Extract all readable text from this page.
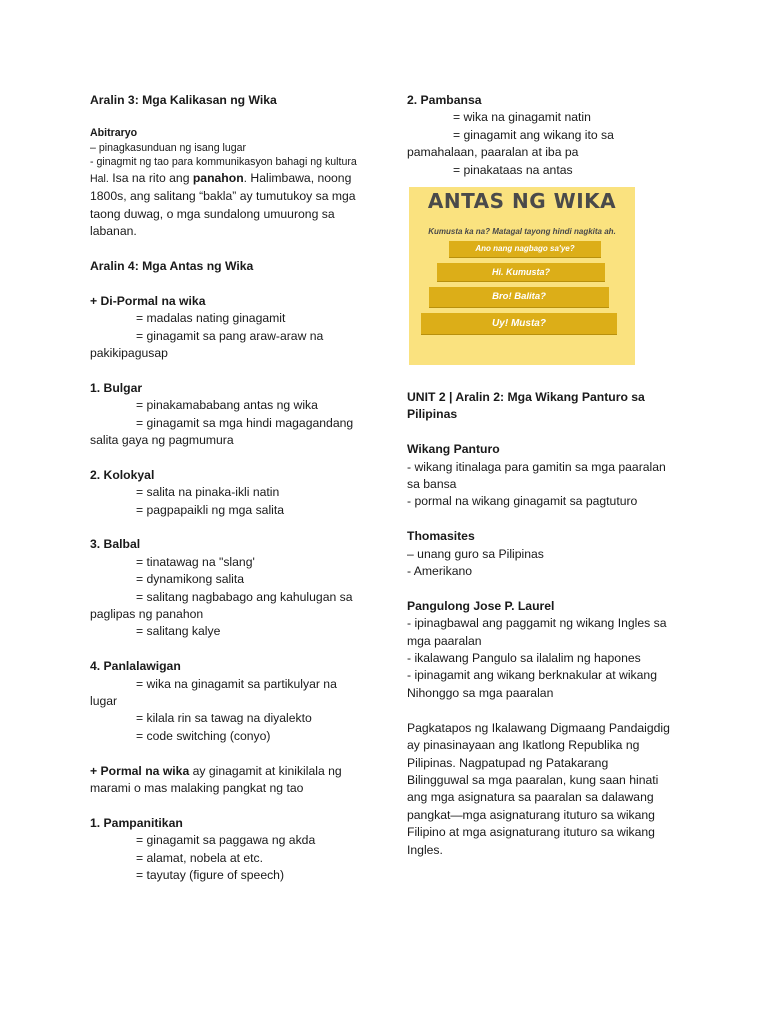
Aralin 3: Mga Kalikasan ng Wika
Abitraryo
– pinagkasunduan ng isang lugar
- ginagmit ng tao para kommunikasyon bahagi ng kultura
Hal. Isa na rito ang panahon. Halimbawa, noong 1800s, ang salitang “bakla” ay tumutukoy sa mga taong duwag, o mga sundalong umuurong sa labanan.
Aralin 4: Mga Antas ng Wika
+ Di-Pormal na wika
= madalas nating ginagamit
= ginagamit sa pang araw-araw na
pakikipagusap
1. Bulgar
= pinakamababang antas ng wika
= ginagamit sa mga hindi magagandang
salita gaya ng pagmumura
2. Kolokyal
= salita na pinaka-ikli natin
= pagpapaikli ng mga salita
3. Balbal
= tinatawag na "slang'
= dynamikong salita
= salitang nagbabago ang kahulugan sa
paglipas ng panahon
= salitang kalye
4. Panlalawigan
= wika na ginagamit sa partikulyar na
lugar
= kilala rin sa tawag na diyalekto
= code switching (conyo)
+ Pormal na wika ay ginagamit at kinikilala ng
marami o mas malaking pangkat ng tao
1. Pampanitikan
= ginagamit sa paggawa ng akda
= alamat, nobela at etc.
= tayutay (figure of speech)
2. Pambansa
= wika na ginagamit natin
= ginagamit ang wikang ito sa
pamahalaan, paaralan at iba pa
= pinakataas na antas
ANTAS NG WIKA
Kumusta ka na? Matagal tayong hindi nagkita ah.
Ano nang nagbago sa'ye?
Hi. Kumusta?
Bro! Balita?
Uy! Musta?
UNIT 2 | Aralin 2: Mga Wikang Panturo sa
Pilipinas
Wikang Panturo
- wikang itinalaga para gamitin sa mga paaralan
sa bansa
- pormal na wikang ginagamit sa pagtuturo
Thomasites
– unang guro sa Pilipinas
- Amerikano
Pangulong Jose P. Laurel
- ipinagbawal ang paggamit ng wikang Ingles sa
mga paaralan
- ikalawang Pangulo sa ilalalim ng hapones
- ipinagamit ang wikang berknakular at wikang
Nihonggo sa mga paaralan
Pagkatapos ng Ikalawang Digmaang Pandaigdig
ay pinasinayaan ang Ikatlong Republika ng
Pilipinas. Nagpatupad ng Patakarang
Bilingguwal sa mga paaralan, kung saan hinati
ang mga asignatura sa paaralan sa dalawang
pangkat—mga asignaturang ituturo sa wikang
Filipino at mga asignaturang ituturo sa wikang
Ingles.
